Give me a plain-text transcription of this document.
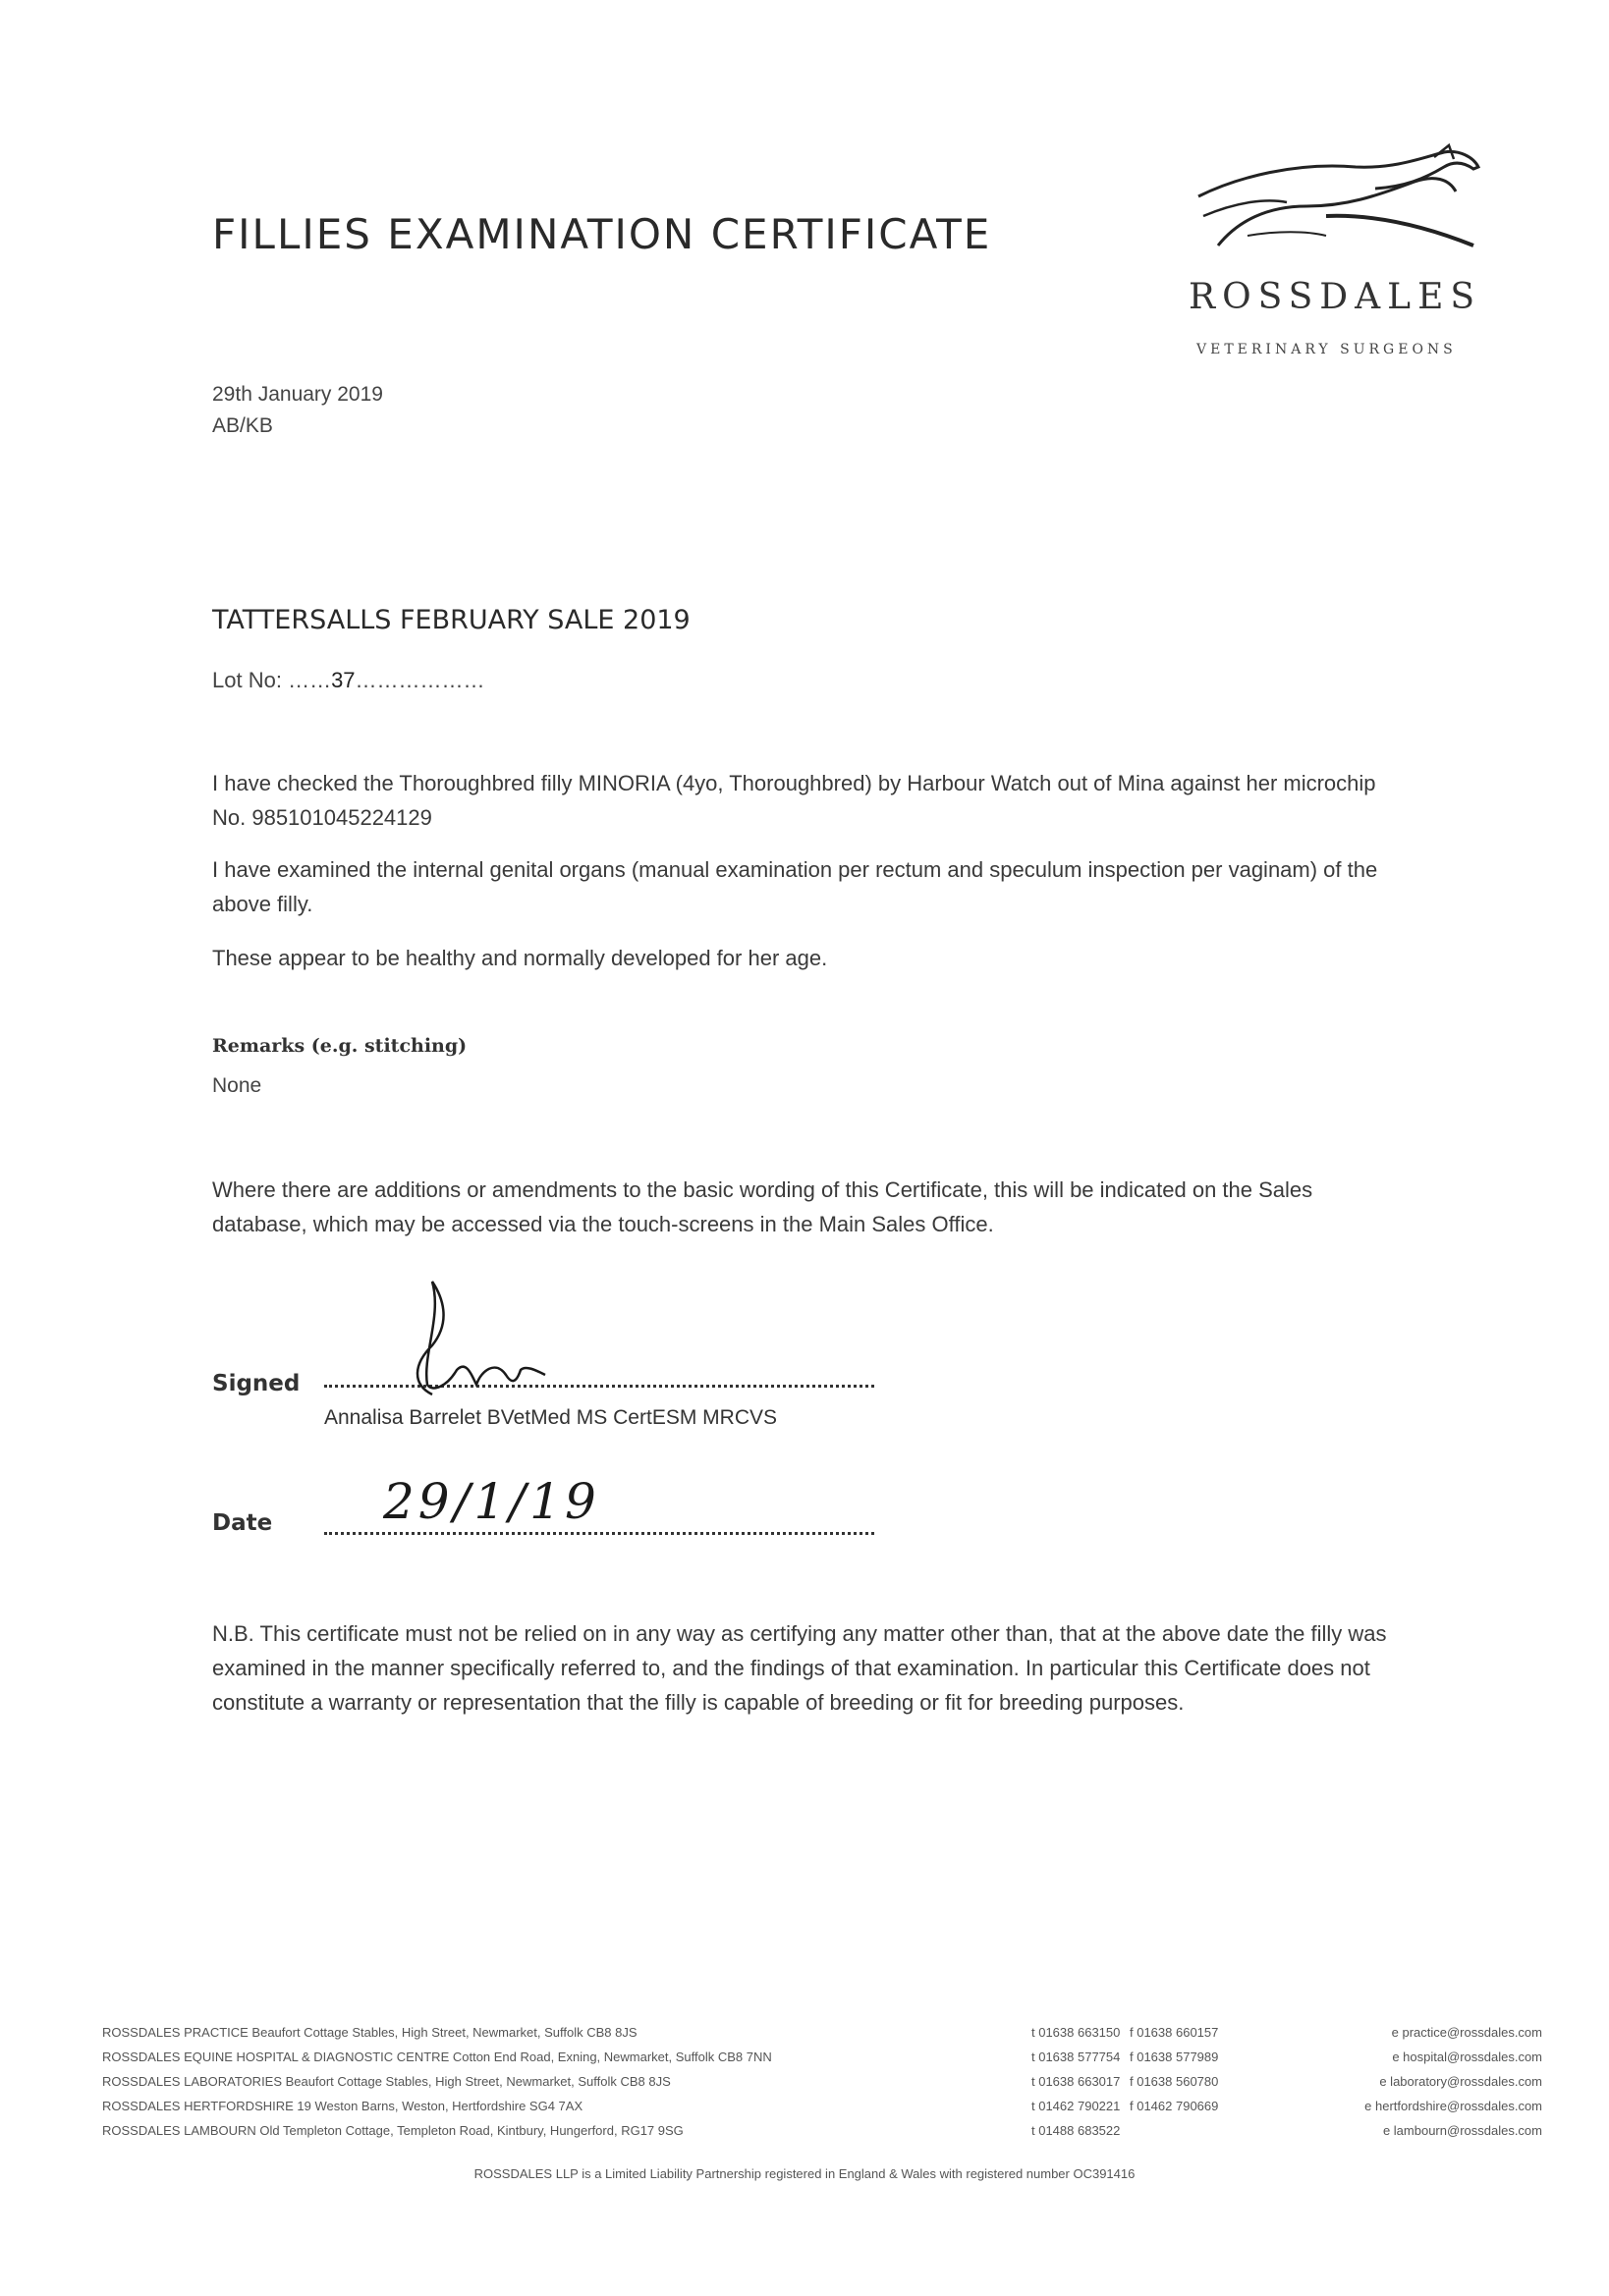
FILLIES EXAMINATION CERTIFICATE
ROSSDALES
VETERINARY SURGEONS
29th January 2019
AB/KB
TATTERSALLS FEBRUARY SALE 2019
Lot No: ……37………………
I have checked the Thoroughbred filly MINORIA (4yo, Thoroughbred) by Harbour Watch out of Mina against her microchip No. 985101045224129
I have examined the internal genital organs (manual examination per rectum and speculum inspection per vaginam) of the above filly.
These appear to be healthy and normally developed for her age.
Remarks (e.g. stitching)
None
Where there are additions or amendments to the basic wording of this Certificate, this will be indicated on the Sales database, which may be accessed via the touch-screens in the Main Sales Office.
Signed
Annalisa Barrelet BVetMed MS CertESM MRCVS
Date 29/1/19
N.B. This certificate must not be relied on in any way as certifying any matter other than, that at the above date the filly was examined in the manner specifically referred to, and the findings of that examination. In particular this Certificate does not constitute a warranty or representation that the filly is capable of breeding or fit for breeding purposes.
ROSSDALES PRACTICE Beaufort Cottage Stables, High Street, Newmarket, Suffolk CB8 8JS	t 01638 663150 f 01638 660157	e practice@rossdales.com
ROSSDALES EQUINE HOSPITAL & DIAGNOSTIC CENTRE Cotton End Road, Exning, Newmarket, Suffolk CB8 7NN	t 01638 577754 f 01638 577989	e hospital@rossdales.com
ROSSDALES LABORATORIES Beaufort Cottage Stables, High Street, Newmarket, Suffolk CB8 8JS	t 01638 663017 f 01638 560780	e laboratory@rossdales.com
ROSSDALES HERTFORDSHIRE 19 Weston Barns, Weston, Hertfordshire SG4 7AX	t 01462 790221 f 01462 790669	e hertfordshire@rossdales.com
ROSSDALES LAMBOURN Old Templeton Cottage, Templeton Road, Kintbury, Hungerford, RG17 9SG	t 01488 683522	e lambourn@rossdales.com
ROSSDALES LLP is a Limited Liability Partnership registered in England & Wales with registered number OC391416
